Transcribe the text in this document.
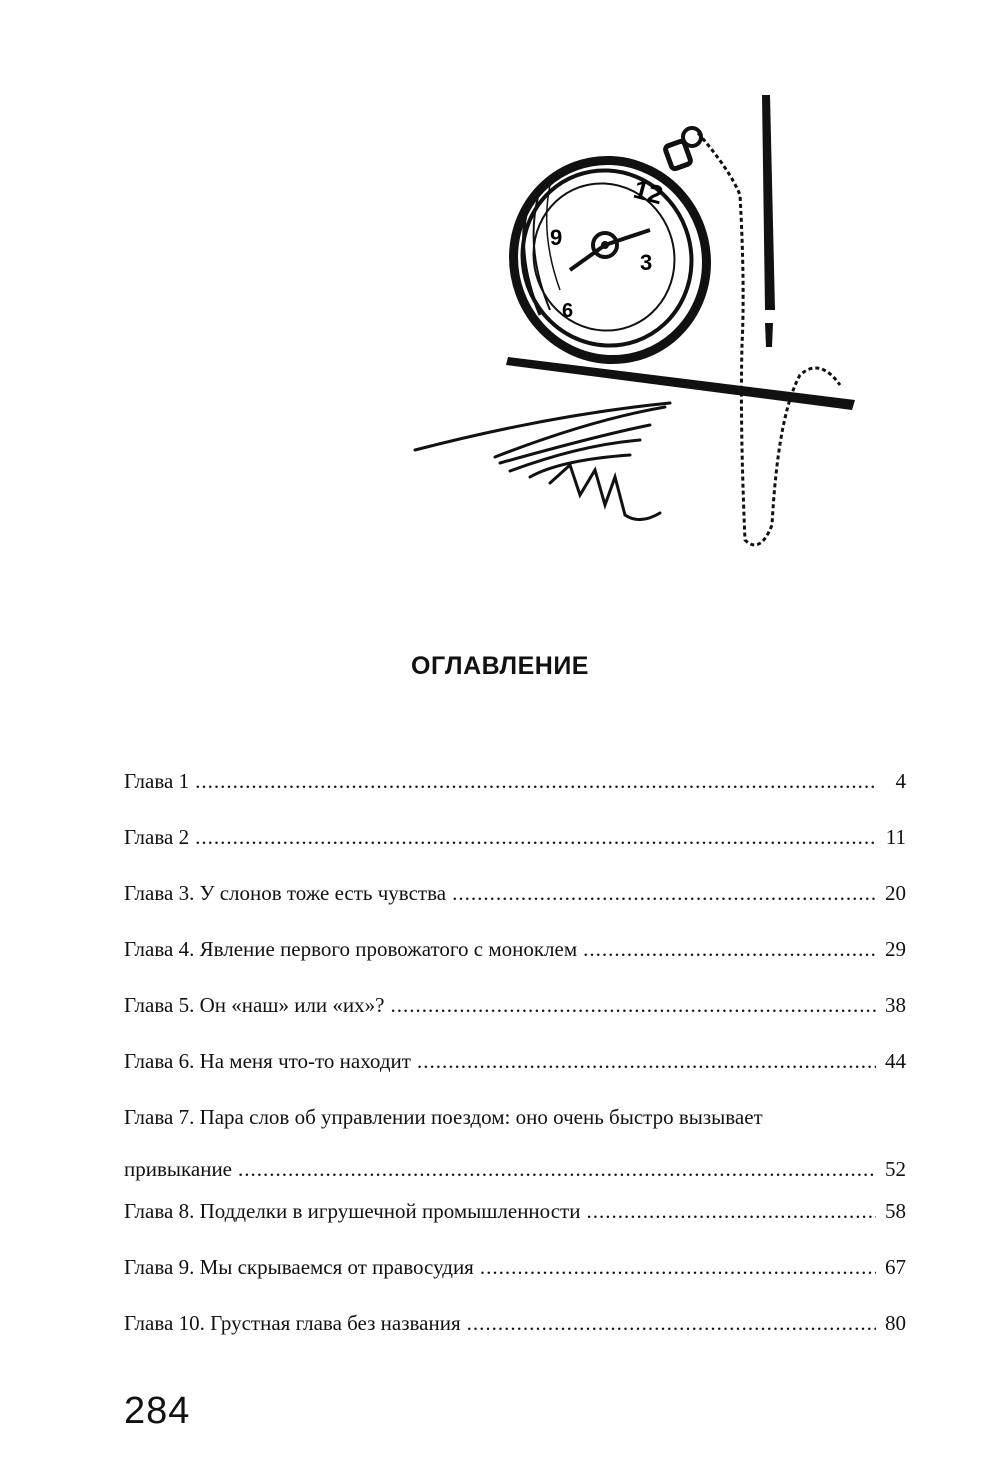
12
3
9
6
ОГЛАВЛЕНИЕ
Глава 1 .....	4
Глава 2 .....	11
Глава 3. У слонов тоже есть чувства .....	20
Глава 4. Явление первого провожатого с моноклем .....	29
Глава 5. Он «наш» или «их»? .....	38
Глава 6. На меня что-то находит .....	44
Глава 7. Пара слов об управлении поездом: оно очень быстро вызывает
привыкание .....	52
Глава 8. Подделки в игрушечной промышленности .....	58
Глава 9. Мы скрываемся от правосудия .....	67
Глава 10. Грустная глава без названия .....	80
284
